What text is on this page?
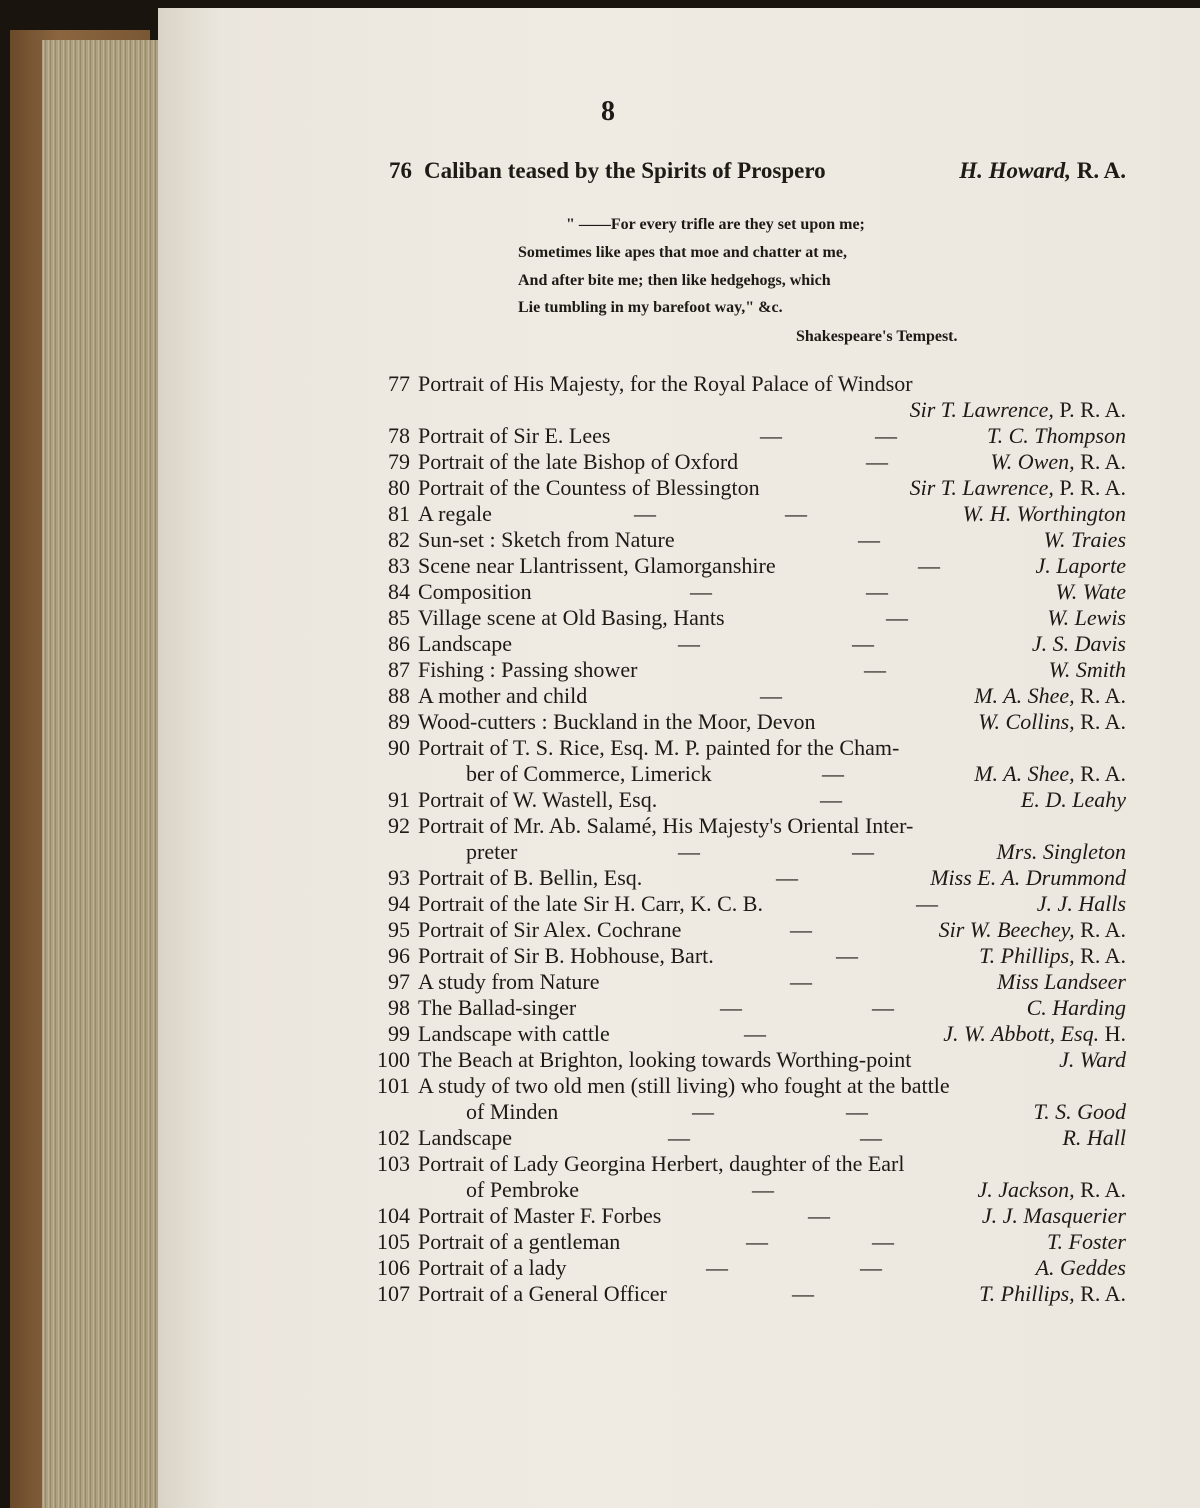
8
76 Caliban teased by the Spirits of Prospero	H. Howard, R. A.
" ——For every trifle are they set upon me;
Sometimes like apes that moe and chatter at me,
And after bite me; then like hedgehogs, which
Lie tumbling in my barefoot way," &c.
Shakespeare's Tempest.
77 Portrait of His Majesty, for the Royal Palace of Windsor
Sir T. Lawrence, P. R. A.
78 Portrait of Sir E. Lees	—	—	T. C. Thompson
79 Portrait of the late Bishop of Oxford	—	W. Owen, R. A.
80 Portrait of the Countess of Blessington	Sir T. Lawrence, P. R. A.
81 A regale	—	—	W. H. Worthington
82 Sun-set : Sketch from Nature	—	W. Traies
83 Scene near Llantrissent, Glamorganshire	—	J. Laporte
84 Composition	—	—	W. Wate
85 Village scene at Old Basing, Hants	—	W. Lewis
86 Landscape	—	—	J. S. Davis
87 Fishing : Passing shower	—	W. Smith
88 A mother and child	—	M. A. Shee, R. A.
89 Wood-cutters : Buckland in the Moor, Devon	W. Collins, R. A.
90 Portrait of T. S. Rice, Esq. M. P. painted for the Cham-
ber of Commerce, Limerick	—	M. A. Shee, R. A.
91 Portrait of W. Wastell, Esq.	—	E. D. Leahy
92 Portrait of Mr. Ab. Salamé, His Majesty's Oriental Inter-
preter	—	—	Mrs. Singleton
93 Portrait of B. Bellin, Esq.	—	Miss E. A. Drummond
94 Portrait of the late Sir H. Carr, K. C. B.	—	J. J. Halls
95 Portrait of Sir Alex. Cochrane	—	Sir W. Beechey, R. A.
96 Portrait of Sir B. Hobhouse, Bart.	—	T. Phillips, R. A.
97 A study from Nature	—	Miss Landseer
98 The Ballad-singer	—	—	C. Harding
99 Landscape with cattle	—	J. W. Abbott, Esq. H.
100 The Beach at Brighton, looking towards Worthing-point	J. Ward
101 A study of two old men (still living) who fought at the battle
of Minden	—	—	T. S. Good
102 Landscape	—	—	R. Hall
103 Portrait of Lady Georgina Herbert, daughter of the Earl
of Pembroke	—	J. Jackson, R. A.
104 Portrait of Master F. Forbes	—	J. J. Masquerier
105 Portrait of a gentleman	—	—	T. Foster
106 Portrait of a lady	—	—	A. Geddes
107 Portrait of a General Officer	—	T. Phillips, R. A.
